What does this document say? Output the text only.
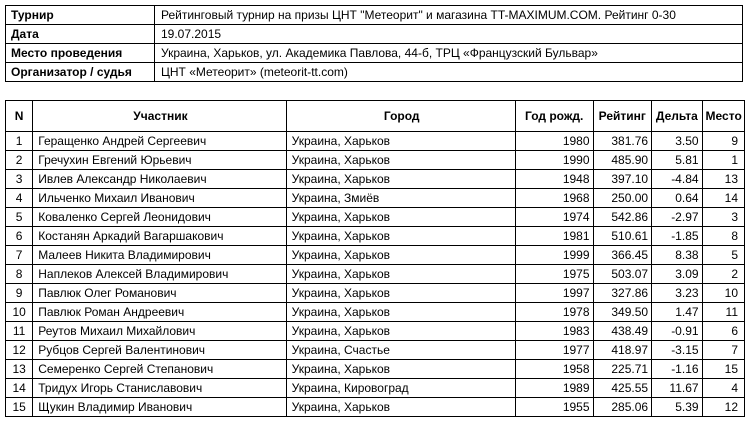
Турнир	Рейтинговый турнир на призы ЦНТ "Метеорит" и магазина TT-MAXIMUM.COM. Рейтинг 0-30
Дата	19.07.2015
Место проведения	Украина, Харьков, ул. Академика Павлова, 44-б, ТРЦ «Французский Бульвар»
Организатор / судья	ЦНТ «Метеорит» (meteorit-tt.com)
N	Участник	Город	Год рожд.	Рейтинг	Дельта	Место
1	Геращенко Андрей Сергеевич	Украина, Харьков	1980	381.76	3.50	9
2	Гречухин Евгений Юрьевич	Украина, Харьков	1990	485.90	5.81	1
3	Ивлев Александр Николаевич	Украина, Харьков	1948	397.10	-4.84	13
4	Ильченко Михаил Иванович	Украина, Змиёв	1968	250.00	0.64	14
5	Коваленко Сергей Леонидович	Украина, Харьков	1974	542.86	-2.97	3
6	Костанян Аркадий Вагаршакович	Украина, Харьков	1981	510.61	-1.85	8
7	Малеев Никита Владимирович	Украина, Харьков	1999	366.45	8.38	5
8	Наплеков Алексей Владимирович	Украина, Харьков	1975	503.07	3.09	2
9	Павлюк Олег Романович	Украина, Харьков	1997	327.86	3.23	10
10	Павлюк Роман Андреевич	Украина, Харьков	1978	349.50	1.47	11
11	Реутов Михаил Михайлович	Украина, Харьков	1983	438.49	-0.91	6
12	Рубцов Сергей Валентинович	Украина, Счастье	1977	418.97	-3.15	7
13	Семеренко Сергей Степанович	Украина, Харьков	1958	225.71	-1.16	15
14	Тридух Игорь Станиславович	Украина, Кировоград	1989	425.55	11.67	4
15	Щукин Владимир Иванович	Украина, Харьков	1955	285.06	5.39	12
